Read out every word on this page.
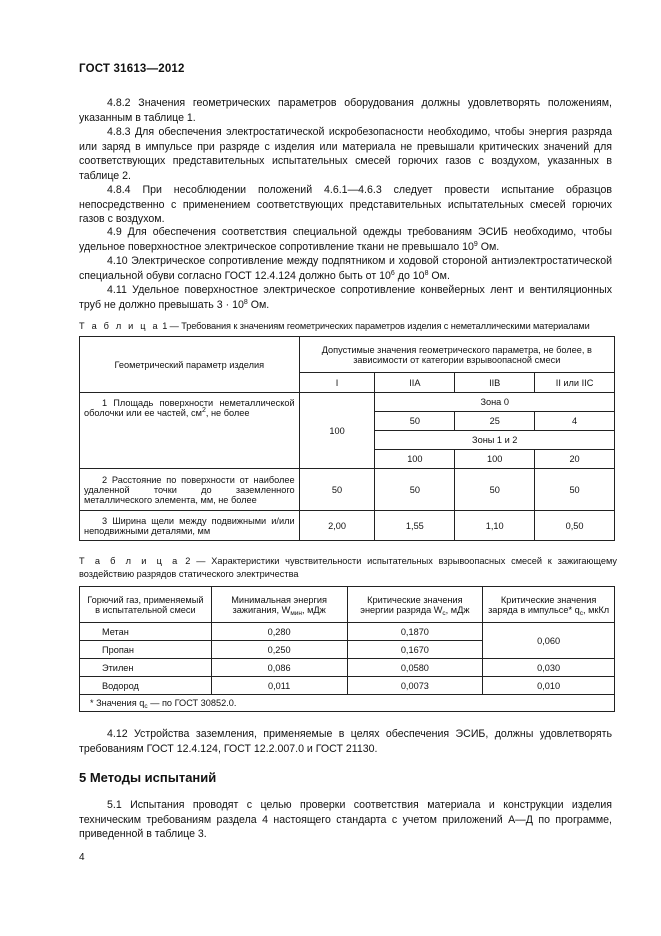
ГОСТ 31613—2012
4.8.2 Значения геометрических параметров оборудования должны удовлетворять положениям, указанным в таблице 1.
4.8.3 Для обеспечения электростатической искробезопасности необходимо, чтобы энергия разряда или заряд в импульсе при разряде с изделия или материала не превышали критических значений для соответствующих представительных испытательных смесей горючих газов с воздухом, указанных в таблице 2.
4.8.4 При несоблюдении положений 4.6.1—4.6.3 следует провести испытание образцов непосредственно с применением соответствующих представительных испытательных смесей горючих газов с воздухом.
4.9 Для обеспечения соответствия специальной одежды требованиям ЭСИБ необходимо, чтобы удельное поверхностное электрическое сопротивление ткани не превышало $10^9$ Ом.
4.10 Электрическое сопротивление между подпятником и ходовой стороной антиэлектростатической специальной обуви согласно ГОСТ 12.4.124 должно быть от $10^6$ до $10^8$ Ом.
4.11 Удельное поверхностное электрическое сопротивление конвейерных лент и вентиляционных труб не должно превышать $3 \cdot 10^8$ Ом.
Т а б л и ц а 1 — Требования к значениям геометрических параметров изделия с неметаллическими материалами
Геометрический параметр изделия	Допустимые значения геометрического параметра, не более, в зависимости от категории взрывоопасной смеси			
	I	IIA	IIB	II или IIC
1 Площадь поверхности неметаллической оболочки или ее частей, $см^2$, не более	100	Зона 0		
		50	25	4
		Зоны 1 и 2		
		100	100	20
2 Расстояние по поверхности от наиболее удаленной точки до заземленного металлического элемента, мм, не более	50	50	50	50
3 Ширина щели между подвижными и/или неподвижными деталями, мм	2,00	1,55	1,10	0,50
Т а б л и ц а 2 — Характеристики чувствительности испытательных взрывоопасных смесей к зажигающему воздействию разрядов статического электричества
Горючий газ, применяемый в испытательной смеси	Минимальная энергия зажигания, $W_{мин}$, мДж	Критические значения энергии разряда $W_c$, мДж	Критические значения заряда в импульсе* $q_c$, мкКл
Метан	0,280	0,1870	0,060
Пропан	0,250	0,1670	
Этилен	0,086	0,0580	0,030
Водород	0,011	0,0073	0,010
* Значения $q_c$ — по ГОСТ 30852.0.			
4.12 Устройства заземления, применяемые в целях обеспечения ЭСИБ, должны удовлетворять требованиям ГОСТ 12.4.124, ГОСТ 12.2.007.0 и ГОСТ 21130.
5 Методы испытаний
5.1 Испытания проводят с целью проверки соответствия материала и конструкции изделия техническим требованиям раздела 4 настоящего стандарта с учетом приложений А—Д по программе, приведенной в таблице 3.
4
